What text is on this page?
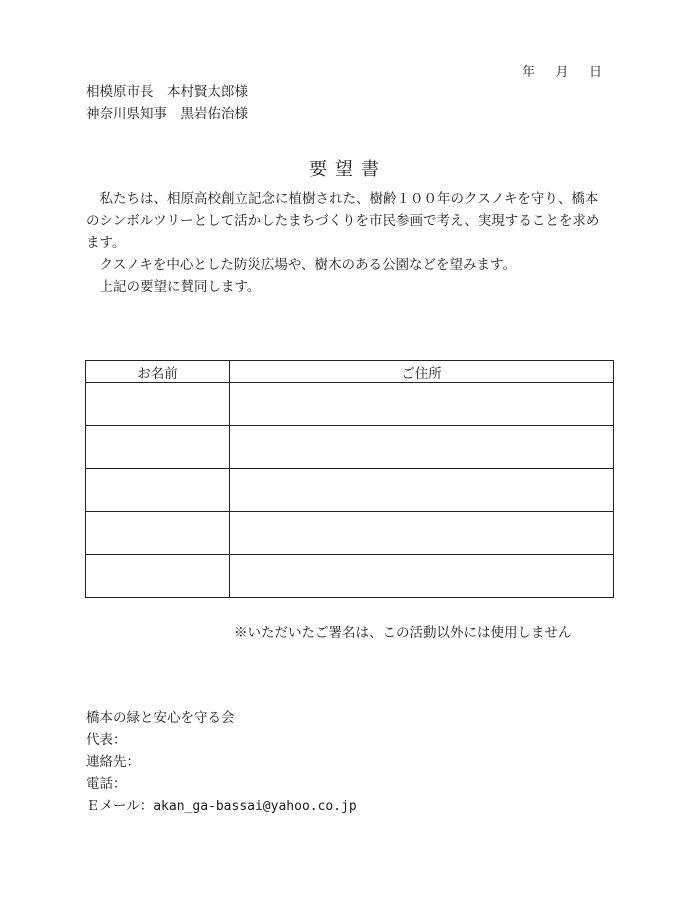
年 月 日
相模原市長　本村賢太郎様
神奈川県知事　黒岩佑治様
要望書

私たちは、相原高校創立記念に植樹された、樹齢１００年のクスノキを守り、橋本のシンボルツリーとして活かしたまちづくりを市民参画で考え、実現することを求めます。

クスノキを中心とした防災広場や、樹木のある公園などを望みます。

上記の要望に賛同します。

お名前	ご住所

※いただいたご署名は、この活動以外には使用しません
橋本の緑と安心を守る会
代表：
連絡先：
電話：
Ｅメール：akan_ga-bassai@yahoo.co.jp
